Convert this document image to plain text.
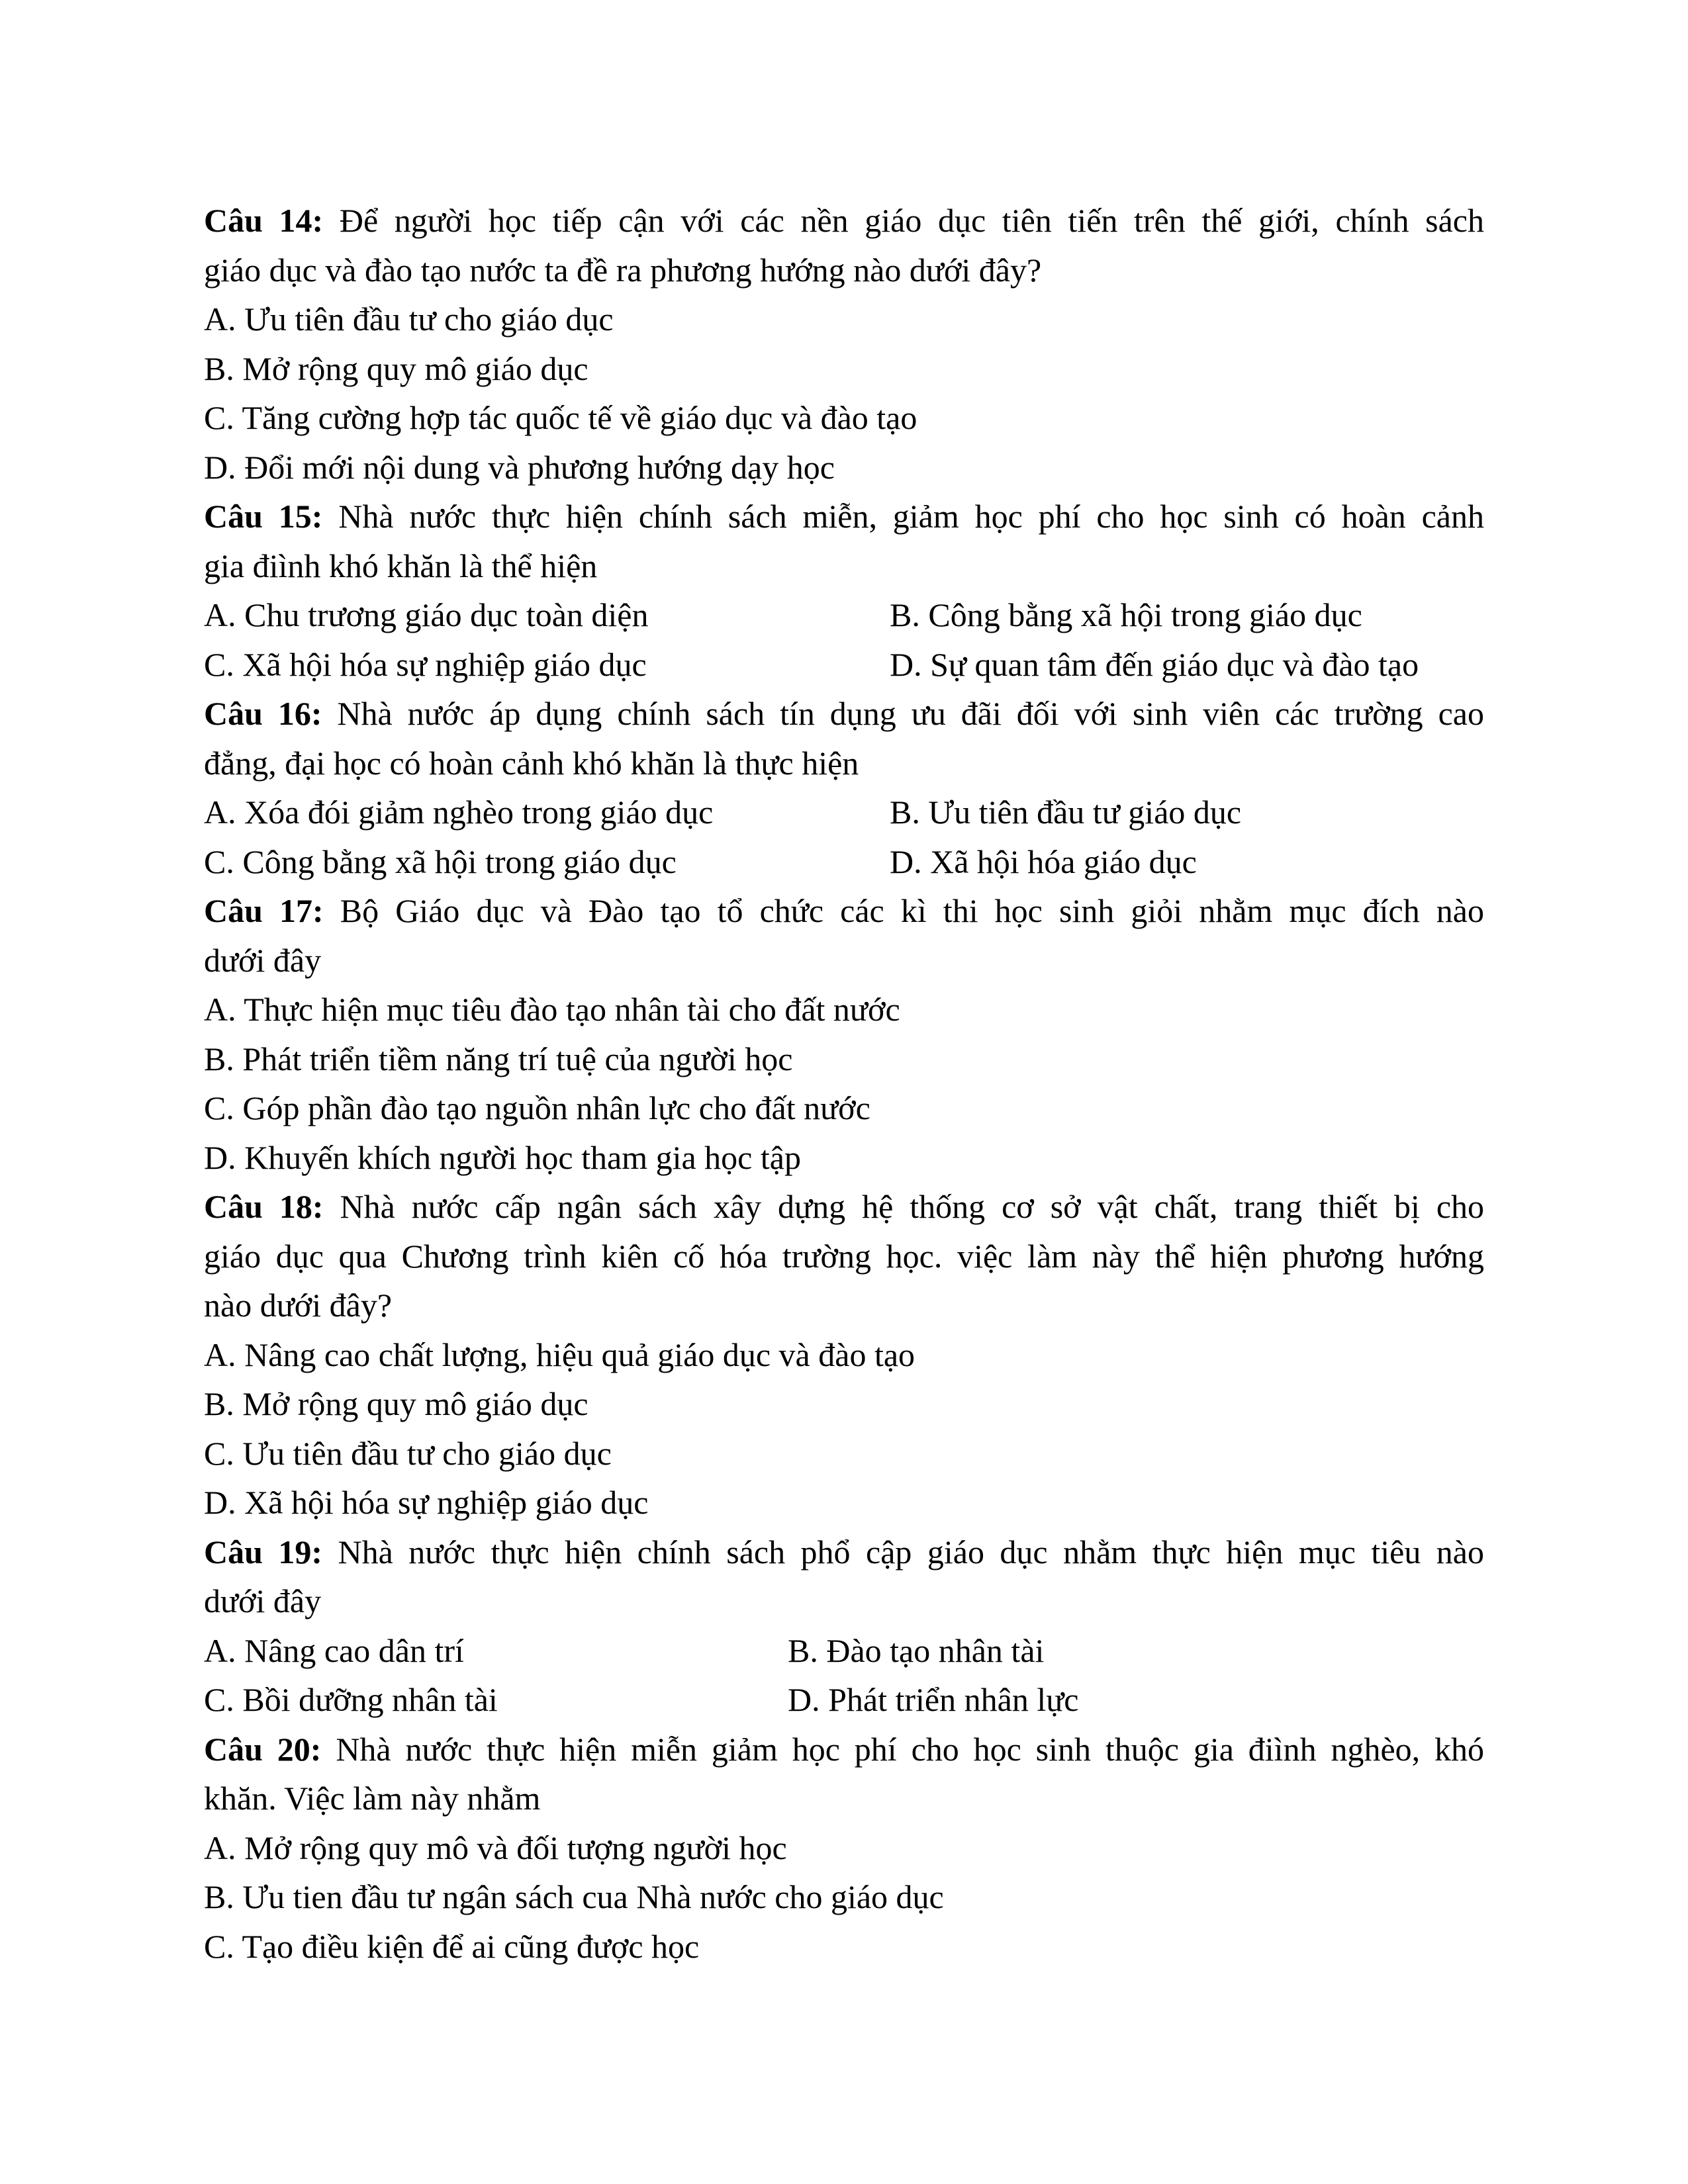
Câu 14: Để người học tiếp cận với các nền giáo dục tiên tiến trên thế giới, chính sách
giáo dục và đào tạo nước ta đề ra phương hướng nào dưới đây?
A. Ưu tiên đầu tư cho giáo dục
B. Mở rộng quy mô giáo dục
C. Tăng cường hợp tác quốc tế về giáo dục và đào tạo
D. Đổi mới nội dung và phương hướng dạy học
Câu 15: Nhà nước thực hiện chính sách miễn, giảm học phí cho học sinh có hoàn cảnh
gia điình khó khăn là thể hiện
A. Chu trương giáo dục toàn diện	B. Công bằng xã hội trong giáo dục
C. Xã hội hóa sự nghiệp giáo dục	D. Sự quan tâm đến giáo dục và đào tạo
Câu 16: Nhà nước áp dụng chính sách tín dụng ưu đãi đối với sinh viên các trường cao
đẳng, đại học có hoàn cảnh khó khăn là thực hiện
A. Xóa đói giảm nghèo trong giáo dục	B. Ưu tiên đầu tư giáo dục
C. Công bằng xã hội trong giáo dục	D. Xã hội hóa giáo dục
Câu 17: Bộ Giáo dục và Đào tạo tổ chức các kì thi học sinh giỏi nhằm mục đích nào
dưới đây
A. Thực hiện mục tiêu đào tạo nhân tài cho đất nước
B. Phát triển tiềm năng trí tuệ của người học
C. Góp phần đào tạo nguồn nhân lực cho đất nước
D. Khuyến khích người học tham gia học tập
Câu 18: Nhà nước cấp ngân sách xây dựng hệ thống cơ sở vật chất, trang thiết bị cho
giáo dục qua Chương trình kiên cố hóa trường học. việc làm này thể hiện phương hướng
nào dưới đây?
A. Nâng cao chất lượng, hiệu quả giáo dục và đào tạo
B. Mở rộng quy mô giáo dục
C. Ưu tiên đầu tư cho giáo dục
D. Xã hội hóa sự nghiệp giáo dục
Câu 19: Nhà nước thực hiện chính sách phổ cập giáo dục nhằm thực hiện mục tiêu nào
dưới đây
A. Nâng cao dân trí	B. Đào tạo nhân tài
C. Bồi dưỡng nhân tài	D. Phát triển nhân lực
Câu 20: Nhà nước thực hiện miễn giảm học phí cho học sinh thuộc gia điình nghèo, khó
khăn. Việc làm này nhằm
A. Mở rộng quy mô và đối tượng người học
B. Ưu tien đầu tư ngân sách cua Nhà nước cho giáo dục
C. Tạo điều kiện để ai cũng được học
